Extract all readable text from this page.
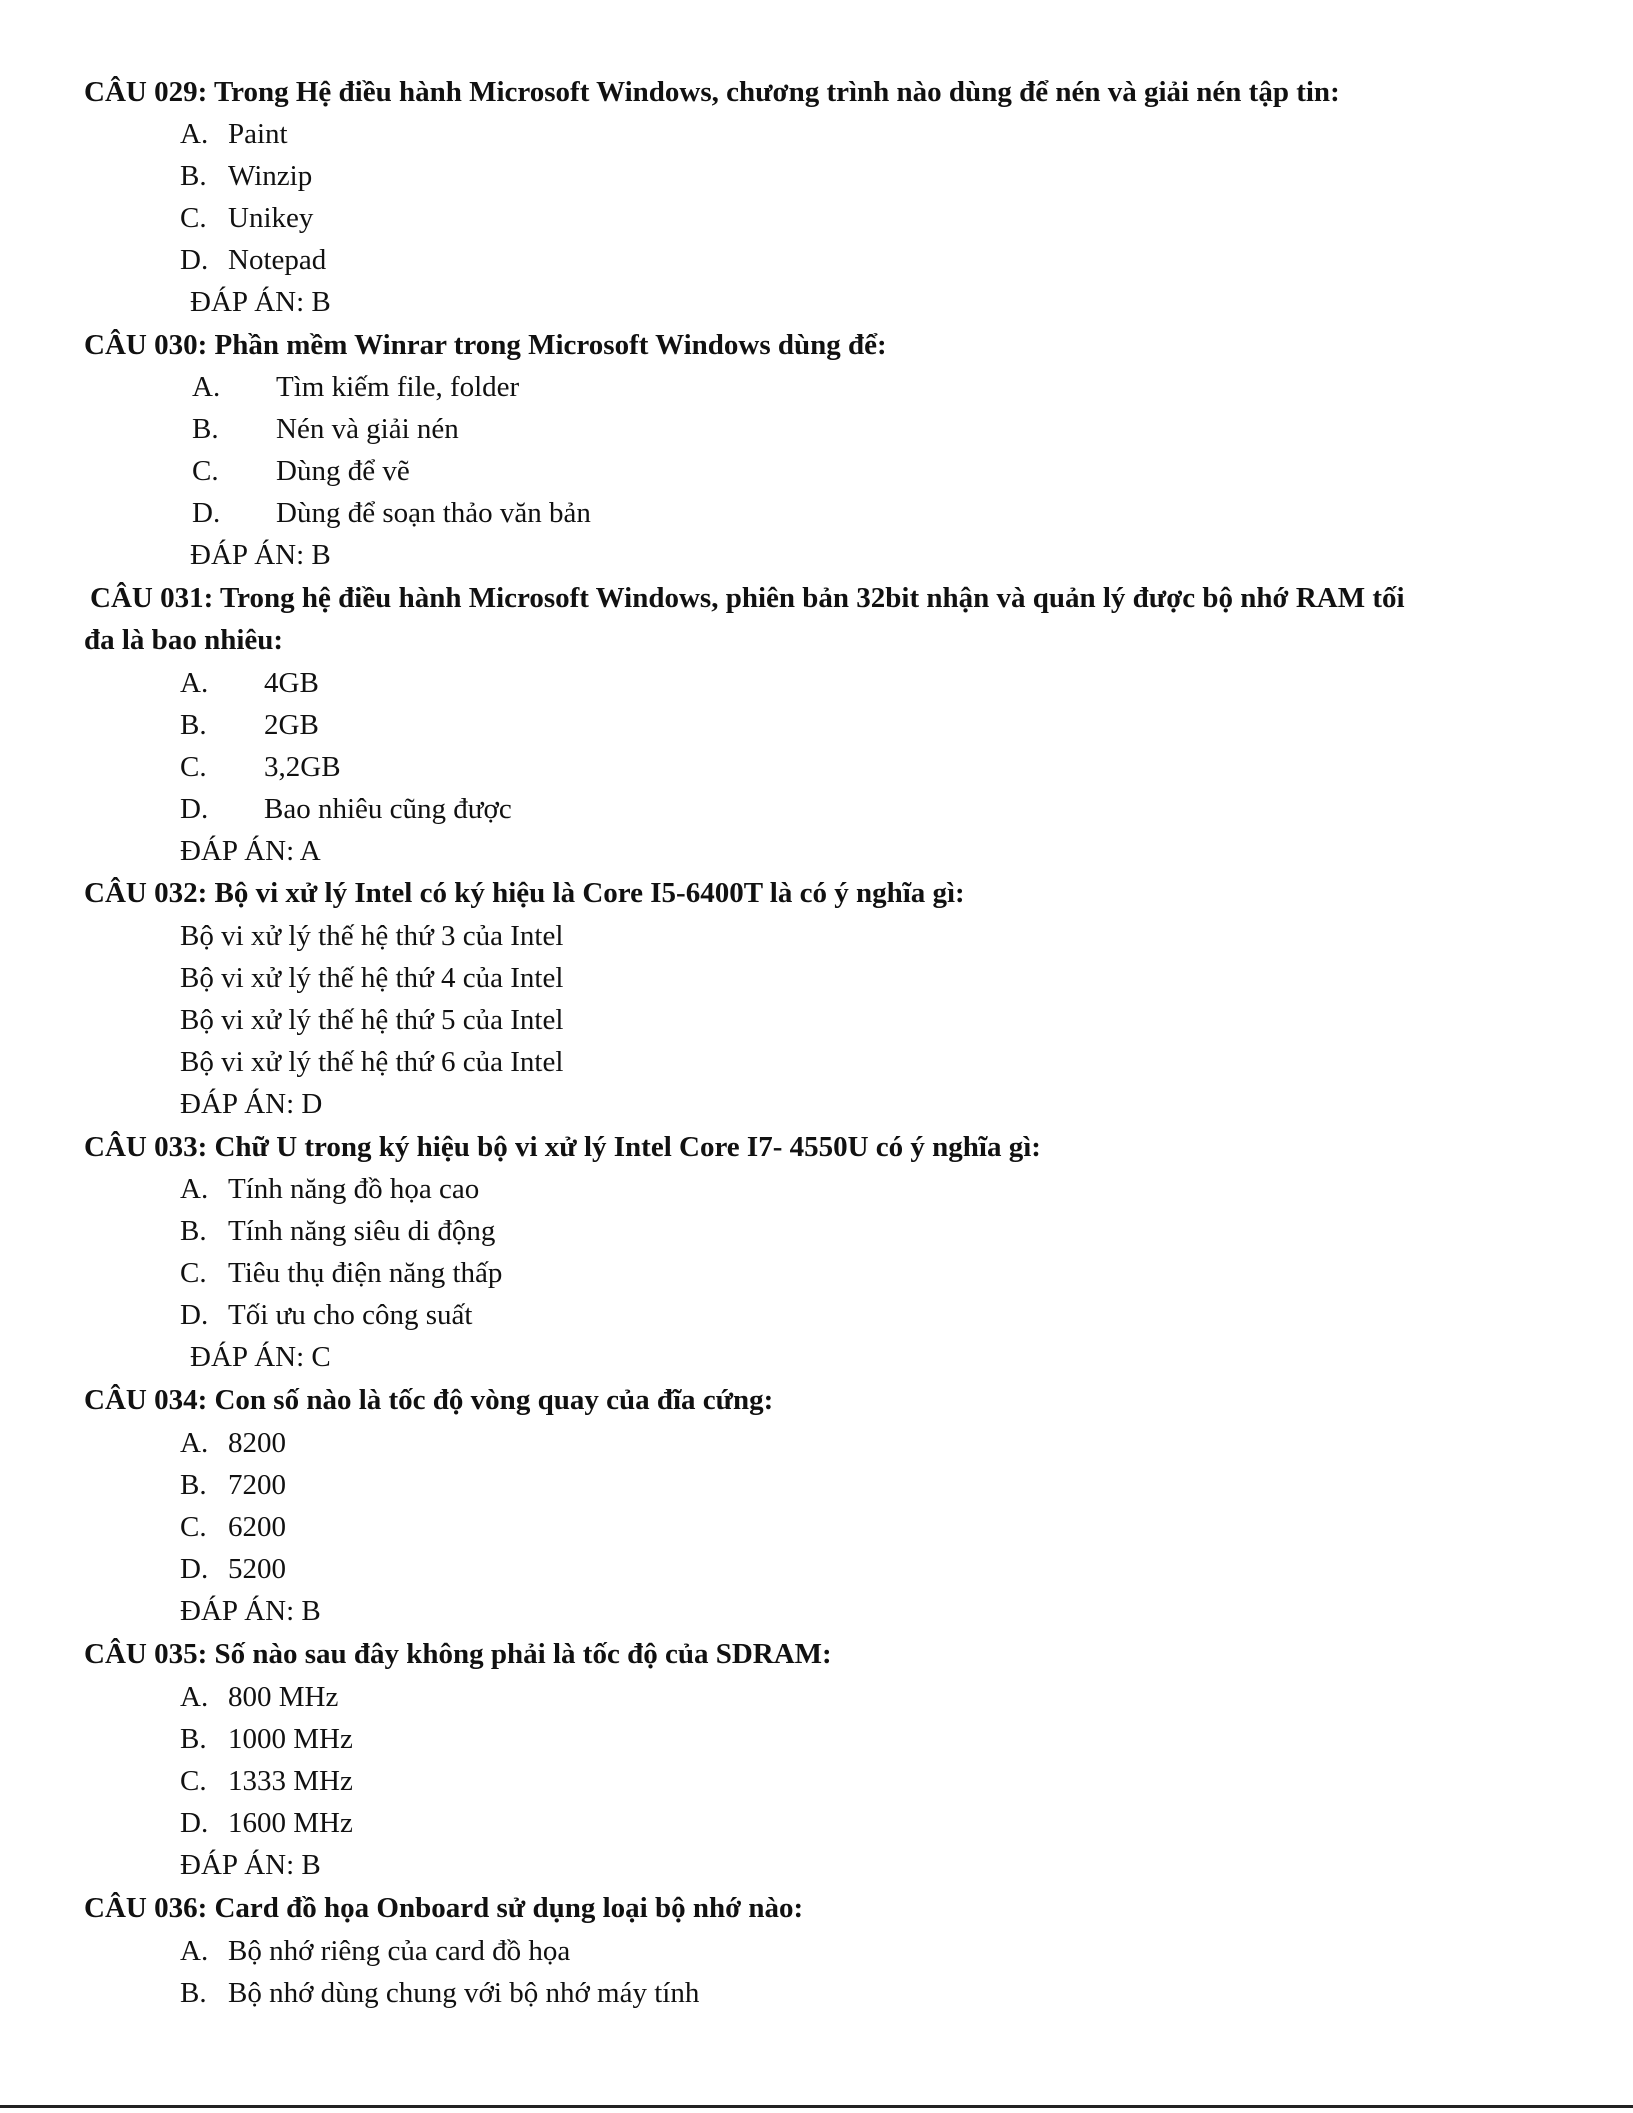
CÂU 029: Trong Hệ điều hành Microsoft Windows, chương trình nào dùng để nén và giải nén tập tin:
A. Paint
B. Winzip
C. Unikey
D. Notepad
ĐÁP ÁN: B
CÂU 030: Phần mềm Winrar trong Microsoft Windows dùng để:
A. Tìm kiếm file, folder
B. Nén và giải nén
C. Dùng để vẽ
D. Dùng để soạn thảo văn bản
ĐÁP ÁN: B
CÂU 031: Trong hệ điều hành Microsoft Windows, phiên bản 32bit nhận và quản lý được bộ nhớ RAM tối
đa là bao nhiêu:
A. 4GB
B. 2GB
C. 3,2GB
D. Bao nhiêu cũng được
ĐÁP ÁN: A
CÂU 032: Bộ vi xử lý Intel có ký hiệu là Core I5-6400T là có ý nghĩa gì:
Bộ vi xử lý thế hệ thứ 3 của Intel
Bộ vi xử lý thế hệ thứ 4 của Intel
Bộ vi xử lý thế hệ thứ 5 của Intel
Bộ vi xử lý thế hệ thứ 6 của Intel
ĐÁP ÁN: D
CÂU 033: Chữ U trong ký hiệu bộ vi xử lý Intel Core I7- 4550U có ý nghĩa gì:
A. Tính năng đồ họa cao
B. Tính năng siêu di động
C. Tiêu thụ điện năng thấp
D. Tối ưu cho công suất
ĐÁP ÁN: C
CÂU 034: Con số nào là tốc độ vòng quay của đĩa cứng:
A. 8200
B. 7200
C. 6200
D. 5200
ĐÁP ÁN: B
CÂU 035: Số nào sau đây không phải là tốc độ của SDRAM:
A. 800 MHz
B. 1000 MHz
C. 1333 MHz
D. 1600 MHz
ĐÁP ÁN: B
CÂU 036: Card đồ họa Onboard sử dụng loại bộ nhớ nào:
A. Bộ nhớ riêng của card đồ họa
B. Bộ nhớ dùng chung với bộ nhớ máy tính
